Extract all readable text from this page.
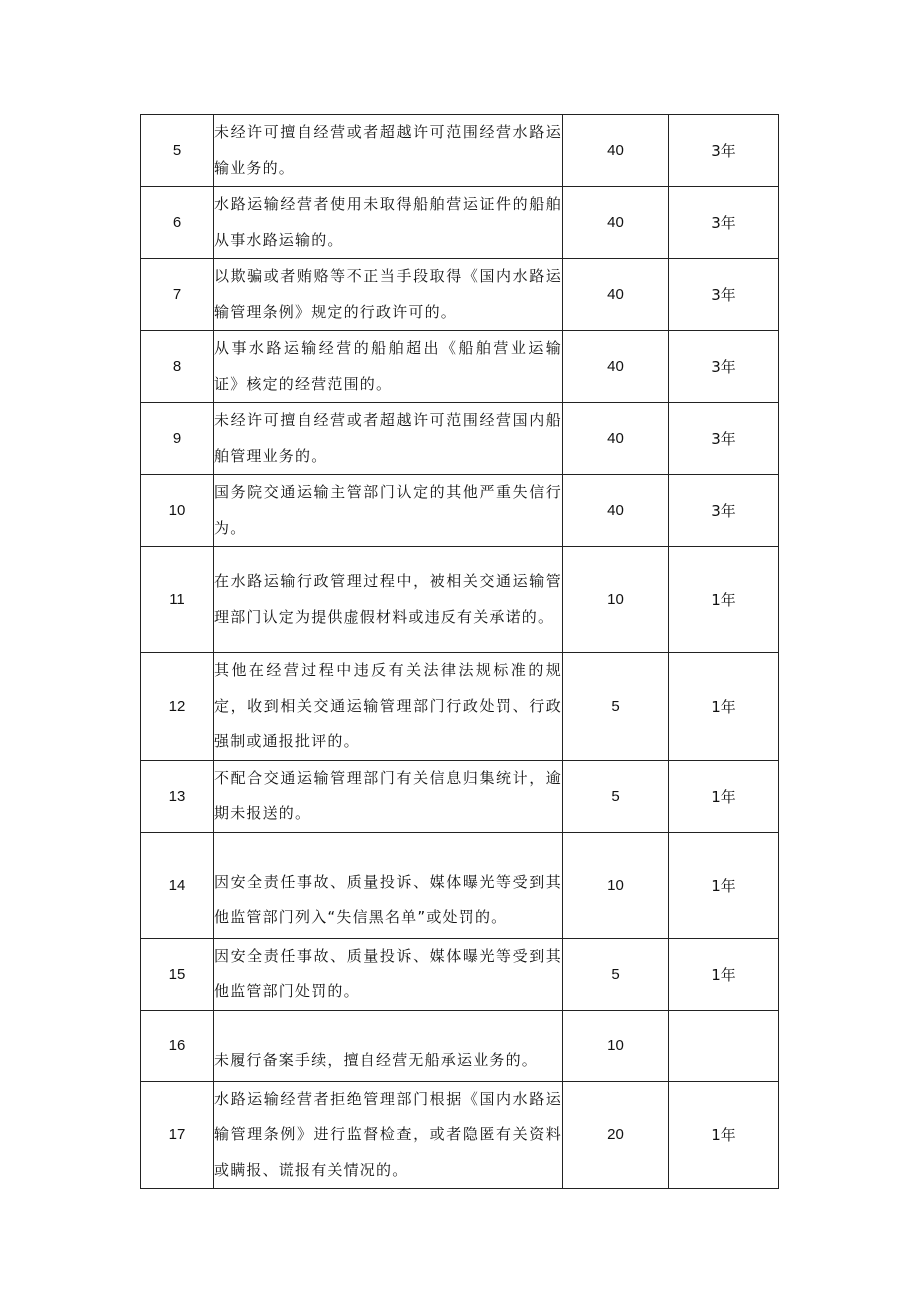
5	未经许可擅自经营或者超越许可范围经营水路运输业务的。	40	3年
6	水路运输经营者使用未取得船舶营运证件的船舶从事水路运输的。	40	3年
7	以欺骗或者贿赂等不正当手段取得《国内水路运输管理条例》规定的行政许可的。	40	3年
8	从事水路运输经营的船舶超出《船舶营业运输证》核定的经营范围的。	40	3年
9	未经许可擅自经营或者超越许可范围经营国内船舶管理业务的。	40	3年
10	国务院交通运输主管部门认定的其他严重失信行为。	40	3年
11	在水路运输行政管理过程中，被相关交通运输管理部门认定为提供虚假材料或违反有关承诺的。	10	1年
12	其他在经营过程中违反有关法律法规标准的规定，收到相关交通运输管理部门行政处罚、行政强制或通报批评的。	5	1年
13	不配合交通运输管理部门有关信息归集统计，逾期未报送的。	5	1年
14	因安全责任事故、质量投诉、媒体曝光等受到其他监管部门列入“失信黑名单”或处罚的。	10	1年
15	因安全责任事故、质量投诉、媒体曝光等受到其他监管部门处罚的。	5	1年
16	未履行备案手续，擅自经营无船承运业务的。	10	
17	水路运输经营者拒绝管理部门根据《国内水路运输管理条例》进行监督检查，或者隐匿有关资料或瞒报、谎报有关情况的。	20	1年
